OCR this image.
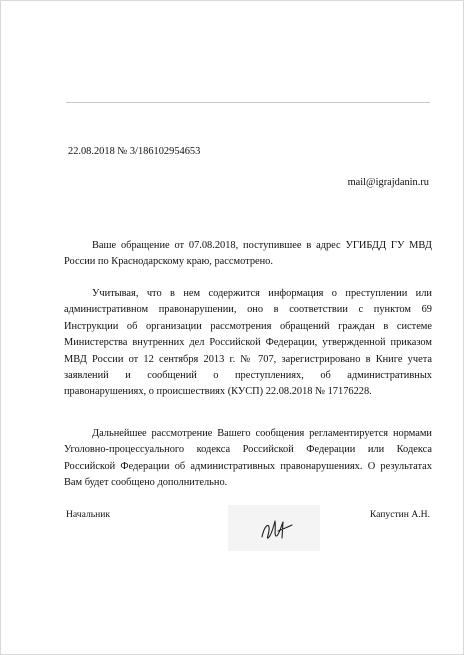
22.08.2018 № 3/186102954653
mail@igrajdanin.ru

Ваше обращение от 07.08.2018, поступившее в адрес УГИБДД ГУ МВД России по Краснодарскому краю, рассмотрено.

Учитывая, что в нем содержится информация о преступлении или административном правонарушении, оно в соответствии с пунктом 69 Инструкции об организации рассмотрения обращений граждан в системе Министерства внутренних дел Российской Федерации, утвержденной приказом МВД России от 12 сентября 2013 г. № 707, зарегистрировано в Книге учета заявлений и сообщений о преступлениях, об административных правонарушениях, о происшествиях (КУСП) 22.08.2018 № 17176228.

Дальнейшее рассмотрение Вашего сообщения регламентируется нормами Уголовно-процессуального кодекса Российской Федерации или Кодекса Российской Федерации об административных правонарушениях. О результатах Вам будет сообщено дополнительно.

Начальник	Капустин А.Н.
